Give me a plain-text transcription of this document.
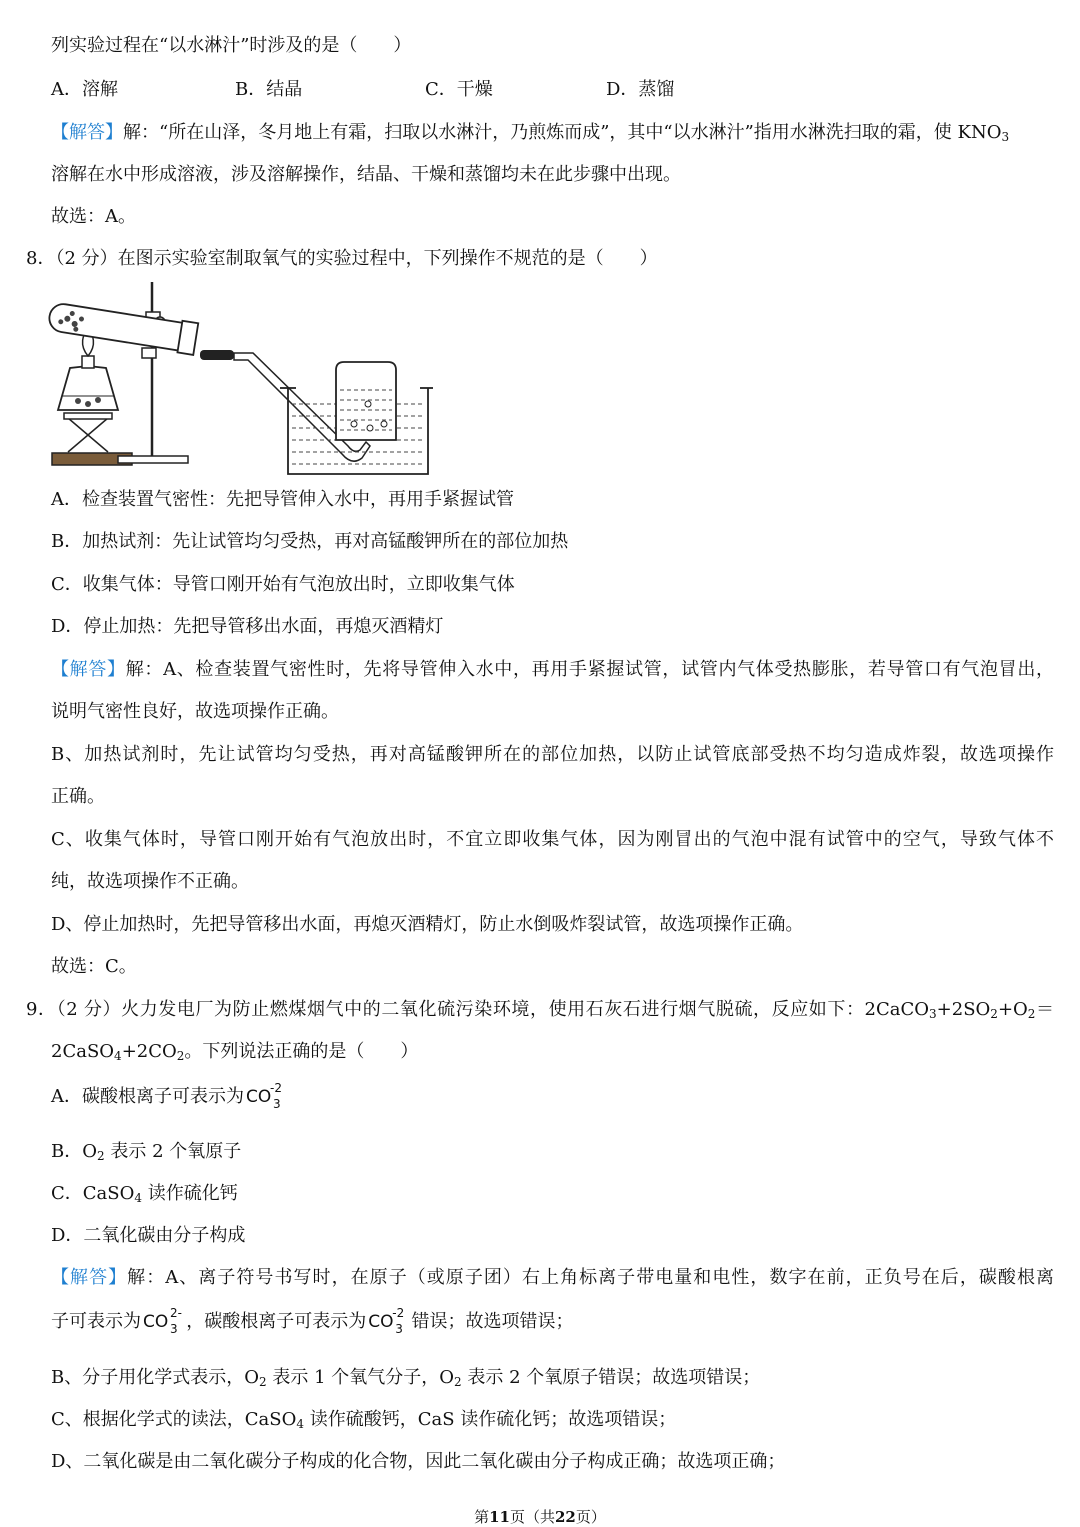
列实验过程在“以水淋汁”时涉及的是（　　）
A．溶解	B．结晶	C．干燥	D．蒸馏
【解答】解：“所在山泽，冬月地上有霜，扫取以水淋汁，乃煎炼而成”，其中“以水淋汁”指用水淋洗扫取的霜，使 $KNO_3$
溶解在水中形成溶液，涉及溶解操作，结晶、干燥和蒸馏均未在此步骤中出现。
故选：A。
8．（2 分）在图示实验室制取氧气的实验过程中，下列操作不规范的是（　　）
A．检查装置气密性：先把导管伸入水中，再用手紧握试管
B．加热试剂：先让试管均匀受热，再对高锰酸钾所在的部位加热
C．收集气体：导管口刚开始有气泡放出时，立即收集气体
D．停止加热：先把导管移出水面，再熄灭酒精灯
【解答】解：A、检查装置气密性时，先将导管伸入水中，再用手紧握试管，试管内气体受热膨胀，若导管口有气泡冒出，
说明气密性良好，故选项操作正确。
B、加热试剂时，先让试管均匀受热，再对高锰酸钾所在的部位加热，以防止试管底部受热不均匀造成炸裂，故选项操作
正确。
C、收集气体时，导管口刚开始有气泡放出时，不宜立即收集气体，因为刚冒出的气泡中混有试管中的空气，导致气体不
纯，故选项操作不正确。
D、停止加热时，先把导管移出水面，再熄灭酒精灯，防止水倒吸炸裂试管，故选项操作正确。
故选：C。
9．（2 分）火力发电厂为防止燃煤烟气中的二氧化硫污染环境，使用石灰石进行烟气脱硫，反应如下：$2CaCO_3+2SO_2+O_2=$
$2CaSO_4+2CO_2$。下列说法正确的是（　　）
A．碳酸根离子可表示为 CO
-2
3
B．$O_2$ 表示 2 个氧原子
C．CaSO$_4$ 读作硫化钙
D．二氧化碳由分子构成
【解答】解：A、离子符号书写时，在原子（或原子团）右上角标离子带电量和电性，数字在前，正负号在后，碳酸根离
子可表示为 CO 2-
3 ，碳酸根离子可表示为 CO
-2
3 错误；故选项错误；
B、分子用化学式表示，$O_2$ 表示 1 个氧气分子，$O_2$ 表示 2 个氧原子错误；故选项错误；
C、根据化学式的读法，CaSO$_4$ 读作硫酸钙，CaS 读作硫化钙；故选项错误；
D、二氧化碳是由二氧化碳分子构成的化合物，因此二氧化碳由分子构成正确；故选项正确；
第11页（共22页）
